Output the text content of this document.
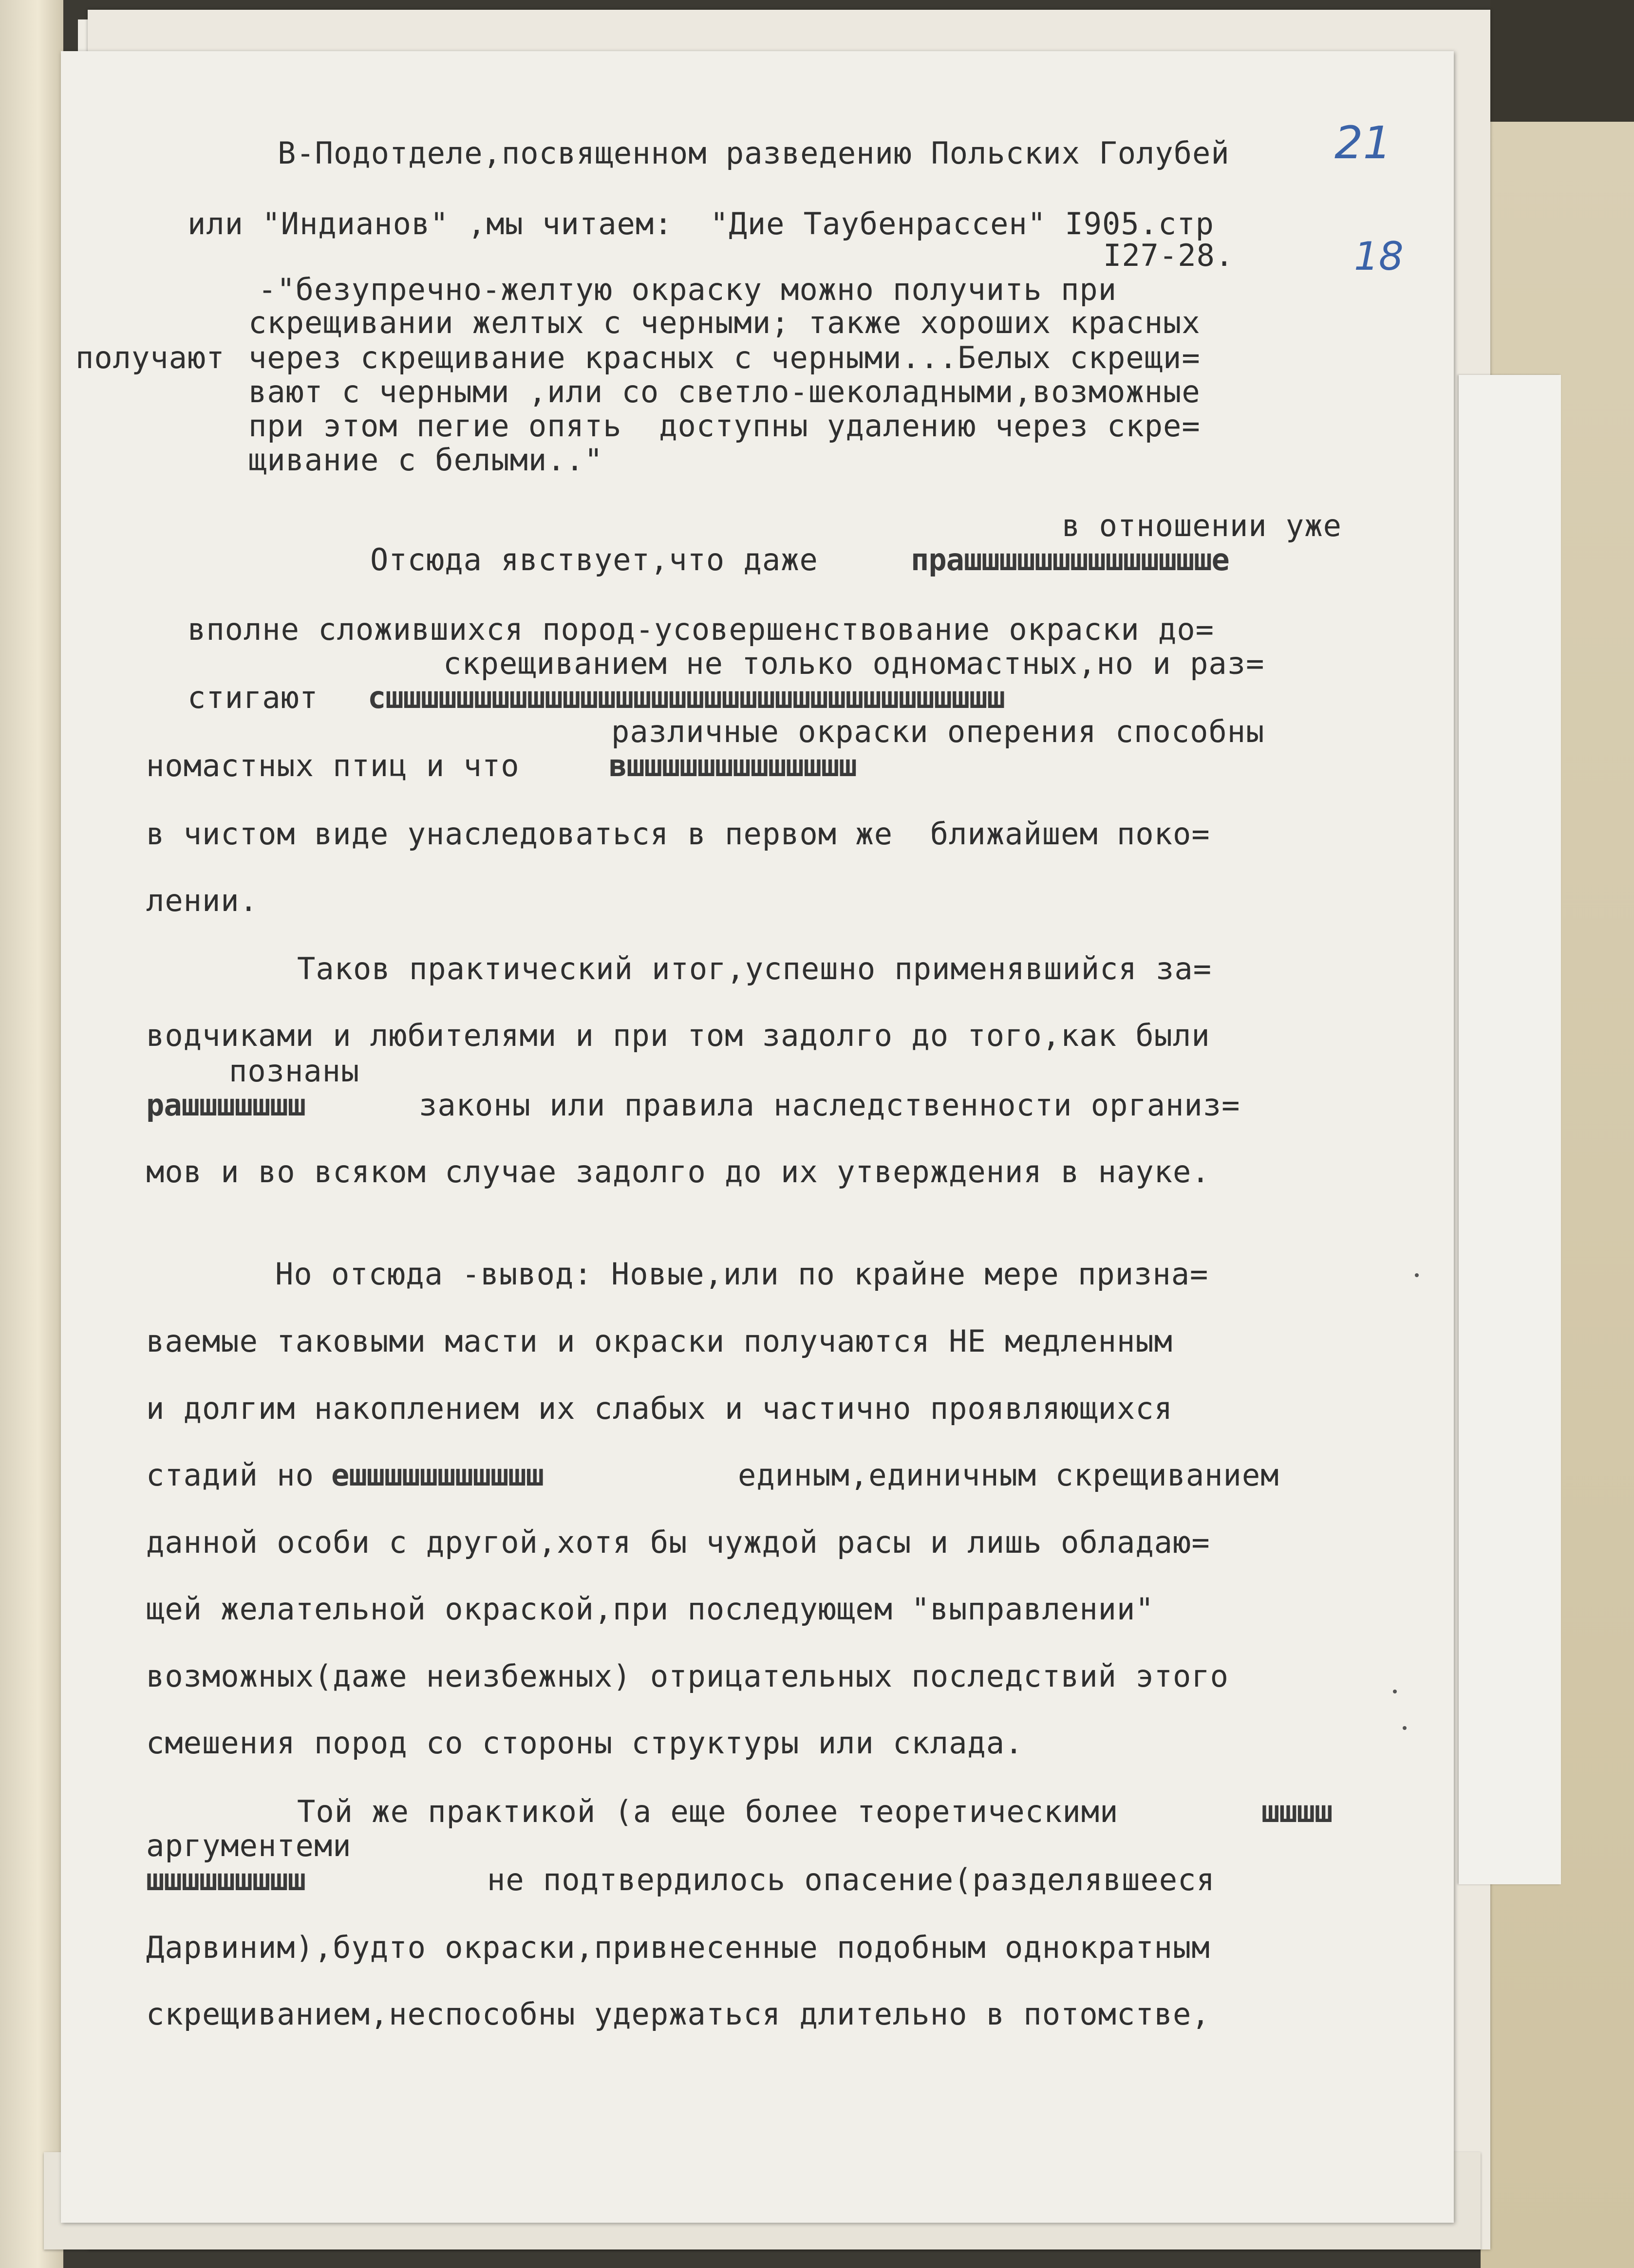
21
18
В-Подотделе,посвященном разведению Польских Голубей
или "Индианов" ,мы читаем:  "Дие Таубенрассен" I905.стр
I27-28.
-"безупречно-желтую окраску можно получить при
скрещивании желтых с черными; также хороших красных
получают через скрещивание красных с черными...Белых скрещи=
вают с черными ,или со светло-шеколадными,возможные
при этом пегие опять  доступны удалению через скре=
щивание с белыми.."
в отношении уже
Отсюда явствует,что даже	прашшшшшшшшшшшшшше
вполне сложившихся пород-усовершенствование окраски до=
скрещиванием не только одномастных,но и раз=
стигают сшшшшшшшшшшшшшшшшшшшшшшшшшшшшшшшшшшш
различные окраски оперения способны
номастных птиц и что	вшшшшшшшшшшшшш
в чистом виде унаследоваться в первом же  ближайшем поко=
лении.
Таков практический итог,успешно применявшийся за=
водчиками и любителями и при том задолго до того,как были
познаны
рашшшшшшш	законы или правила наследственности организ=
мов и во всяком случае задолго до их утверждения в науке.
Но отсюда -вывод: Новые,или по крайне мере призна=
ваемые таковыми масти и окраски получаются НЕ медленным
и долгим накоплением их слабых и частично проявляющихся
стадий но ешшшшшшшшшшш	единым,единичным скрещиванием
данной особи с другой,хотя бы чуждой расы и лишь обладаю=
щей желательной окраской,при последующем "выправлении"
возможных(даже неизбежных) отрицательных последствий этого
смешения пород со стороны структуры или склада.
Той же практикой (а еще более теоретическими	шшшш
аргументеми
шшшшшшшшш	не подтвердилось опасение(разделявшееся
Дарвиним),будто окраски,привнесенные подобным однократным
скрещиванием,неспособны удержаться длительно в потомстве,
